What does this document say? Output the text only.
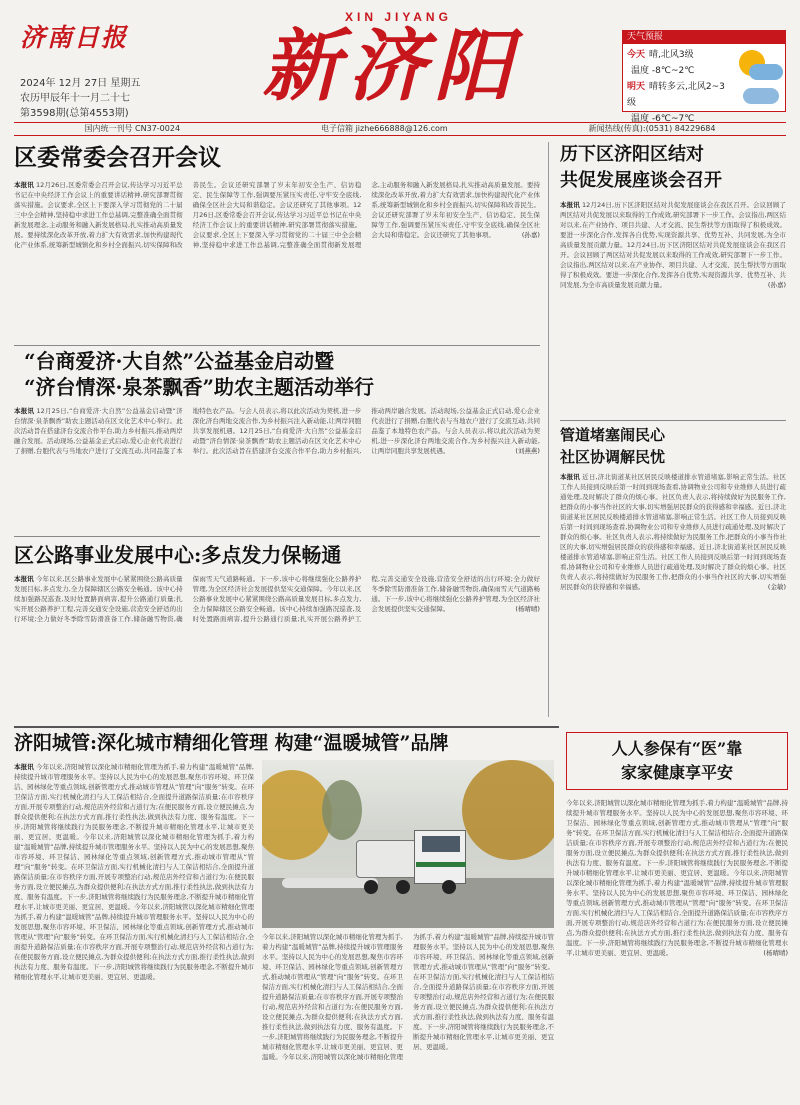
济南日报
XIN JIYANG
新济阳
2024年 12月 27日 星期五
农历甲辰年十一月二十七
第3598期(总第4553期)
天气预报
今天 晴,北风3级
温度 -8℃~2℃
明天 晴转多云,北风2~3级
温度 -6℃~7℃
国内统一刊号 CN37-0024	电子信箱 jizhe666888@126.com	新闻热线(传真):(0531) 84229684
区委常委会召开会议
本报讯 12月26日,区委常委会召开会议,传达学习习近平总书记在中央经济工作会议上的重要讲话精神,研究部署贯彻落实措施。会议要求,全区上下要深入学习贯彻党的二十届三中全会精神,坚持稳中求进工作总基调,完整准确全面贯彻新发展理念,主动服务和融入新发展格局,扎实推动高质量发展。要持续深化改革开放,着力扩大有效需求,加快构建现代化产业体系,统筹新型城镇化和乡村全面振兴,切实保障和改善民生。会议还研究部署了岁末年初安全生产、信访稳定、民生保障等工作,强调要压紧压实责任,守牢安全底线,确保全区社会大局和谐稳定。会议还研究了其他事项。12月26日,区委常委会召开会议,传达学习习近平总书记在中央经济工作会议上的重要讲话精神,研究部署贯彻落实措施。会议要求,全区上下要深入学习贯彻党的二十届三中全会精神,坚持稳中求进工作总基调,完整准确全面贯彻新发展理念,主动服务和融入新发展格局,扎实推动高质量发展。要持续深化改革开放,着力扩大有效需求,加快构建现代化产业体系,统筹新型城镇化和乡村全面振兴,切实保障和改善民生。会议还研究部署了岁末年初安全生产、信访稳定、民生保障等工作,强调要压紧压实责任,守牢安全底线,确保全区社会大局和谐稳定。会议还研究了其他事项。	(孙嘉)
“台商爱济·大自然”公益基金启动暨
“济台情深·泉茶飘香”助农主题活动举行
本报讯 12月25日,“台商爱济·大自然”公益基金启动暨“济台情深·泉茶飘香”助农主题活动在区文化艺术中心举行。此次活动旨在搭建济台交流合作平台,助力乡村振兴,推动两岸融合发展。活动现场,公益基金正式启动,爱心企业代表进行了捐赠,台胞代表与当地农户进行了交流互动,共同品鉴了本地特色农产品。与会人员表示,将以此次活动为契机,进一步深化济台两地交流合作,为乡村振兴注入新动能,让两岸同胞共享发展机遇。12月25日,“台商爱济·大自然”公益基金启动暨“济台情深·泉茶飘香”助农主题活动在区文化艺术中心举行。此次活动旨在搭建济台交流合作平台,助力乡村振兴,推动两岸融合发展。活动现场,公益基金正式启动,爱心企业代表进行了捐赠,台胞代表与当地农户进行了交流互动,共同品鉴了本地特色农产品。与会人员表示,将以此次活动为契机,进一步深化济台两地交流合作,为乡村振兴注入新动能,让两岸同胞共享发展机遇。	(刘燕燕)
区公路事业发展中心:多点发力保畅通
本报讯 今年以来,区公路事业发展中心紧紧围绕公路高质量发展目标,多点发力,全力保障辖区公路安全畅通。该中心持续加强路况巡查,及时处置路面病害,提升公路通行质量;扎实开展公路养护工程,完善交通安全设施,营造安全舒适的出行环境;全力做好冬季除雪防滑准备工作,储备融雪物资,确保雨雪天气道路畅通。下一步,该中心将继续强化公路养护管理,为全区经济社会发展提供坚实交通保障。今年以来,区公路事业发展中心紧紧围绕公路高质量发展目标,多点发力,全力保障辖区公路安全畅通。该中心持续加强路况巡查,及时处置路面病害,提升公路通行质量;扎实开展公路养护工程,完善交通安全设施,营造安全舒适的出行环境;全力做好冬季除雪防滑准备工作,储备融雪物资,确保雨雪天气道路畅通。下一步,该中心将继续强化公路养护管理,为全区经济社会发展提供坚实交通保障。	(杨晴晴)
历下区济阳区结对
共促发展座谈会召开
本报讯 12月24日,历下区济阳区结对共促发展座谈会在我区召开。会议回顾了两区结对共促发展以来取得的工作成效,研究部署下一步工作。会议指出,两区结对以来,在产业协作、项目共建、人才交流、民生帮扶等方面取得了积极成效。要进一步深化合作,发挥各自优势,实现资源共享、优势互补、共同发展,为全市高质量发展贡献力量。12月24日,历下区济阳区结对共促发展座谈会在我区召开。会议回顾了两区结对共促发展以来取得的工作成效,研究部署下一步工作。会议指出,两区结对以来,在产业协作、项目共建、人才交流、民生帮扶等方面取得了积极成效。要进一步深化合作,发挥各自优势,实现资源共享、优势互补、共同发展,为全市高质量发展贡献力量。	(孙嘉)
管道堵塞闹民心
社区协调解民忧
本报讯 近日,济北街道某社区居民反映楼道排水管道堵塞,影响正常生活。社区工作人员接到反映后第一时间到现场查看,协调物业公司和专业维修人员进行疏通处理,及时解决了群众的烦心事。社区负责人表示,将持续做好为民服务工作,把群众的小事当作社区的大事,切实增强居民群众的获得感和幸福感。近日,济北街道某社区居民反映楼道排水管道堵塞,影响正常生活。社区工作人员接到反映后第一时间到现场查看,协调物业公司和专业维修人员进行疏通处理,及时解决了群众的烦心事。社区负责人表示,将持续做好为民服务工作,把群众的小事当作社区的大事,切实增强居民群众的获得感和幸福感。近日,济北街道某社区居民反映楼道排水管道堵塞,影响正常生活。社区工作人员接到反映后第一时间到现场查看,协调物业公司和专业维修人员进行疏通处理,及时解决了群众的烦心事。社区负责人表示,将持续做好为民服务工作,把群众的小事当作社区的大事,切实增强居民群众的获得感和幸福感。	(金敏)
人人参保有“医”靠
家家健康享平安
济阳城管:深化城市精细化管理 构建“温暖城管”品牌
本报讯 今年以来,济阳城管以深化城市精细化管理为抓手,着力构建“温暖城管”品牌,持续提升城市管理服务水平。坚持以人民为中心的发展思想,聚焦市容环境、环卫保洁、园林绿化等重点领域,创新管理方式,推动城市管理从“管理”向“服务”转变。在环卫保洁方面,实行机械化清扫与人工保洁相结合,全面提升道路保洁质量;在市容秩序方面,开展专项整治行动,规范店外经营和占道行为;在便民服务方面,设立便民摊点,为群众提供便利;在执法方式方面,推行柔性执法,做到执法有力度、服务有温度。下一步,济阳城管将继续践行为民服务理念,不断提升城市精细化管理水平,让城市更美丽、更宜居、更温暖。今年以来,济阳城管以深化城市精细化管理为抓手,着力构建“温暖城管”品牌,持续提升城市管理服务水平。坚持以人民为中心的发展思想,聚焦市容环境、环卫保洁、园林绿化等重点领域,创新管理方式,推动城市管理从“管理”向“服务”转变。在环卫保洁方面,实行机械化清扫与人工保洁相结合,全面提升道路保洁质量;在市容秩序方面,开展专项整治行动,规范店外经营和占道行为;在便民服务方面,设立便民摊点,为群众提供便利;在执法方式方面,推行柔性执法,做到执法有力度、服务有温度。下一步,济阳城管将继续践行为民服务理念,不断提升城市精细化管理水平,让城市更美丽、更宜居、更温暖。今年以来,济阳城管以深化城市精细化管理为抓手,着力构建“温暖城管”品牌,持续提升城市管理服务水平。坚持以人民为中心的发展思想,聚焦市容环境、环卫保洁、园林绿化等重点领域,创新管理方式,推动城市管理从“管理”向“服务”转变。在环卫保洁方面,实行机械化清扫与人工保洁相结合,全面提升道路保洁质量;在市容秩序方面,开展专项整治行动,规范店外经营和占道行为;在便民服务方面,设立便民摊点,为群众提供便利;在执法方式方面,推行柔性执法,做到执法有力度、服务有温度。下一步,济阳城管将继续践行为民服务理念,不断提升城市精细化管理水平,让城市更美丽、更宜居、更温暖。
今年以来,济阳城管以深化城市精细化管理为抓手,着力构建“温暖城管”品牌,持续提升城市管理服务水平。坚持以人民为中心的发展思想,聚焦市容环境、环卫保洁、园林绿化等重点领域,创新管理方式,推动城市管理从“管理”向“服务”转变。在环卫保洁方面,实行机械化清扫与人工保洁相结合,全面提升道路保洁质量;在市容秩序方面,开展专项整治行动,规范店外经营和占道行为;在便民服务方面,设立便民摊点,为群众提供便利;在执法方式方面,推行柔性执法,做到执法有力度、服务有温度。下一步,济阳城管将继续践行为民服务理念,不断提升城市精细化管理水平,让城市更美丽、更宜居、更温暖。今年以来,济阳城管以深化城市精细化管理为抓手,着力构建“温暖城管”品牌,持续提升城市管理服务水平。坚持以人民为中心的发展思想,聚焦市容环境、环卫保洁、园林绿化等重点领域,创新管理方式,推动城市管理从“管理”向“服务”转变。在环卫保洁方面,实行机械化清扫与人工保洁相结合,全面提升道路保洁质量;在市容秩序方面,开展专项整治行动,规范店外经营和占道行为;在便民服务方面,设立便民摊点,为群众提供便利;在执法方式方面,推行柔性执法,做到执法有力度、服务有温度。下一步,济阳城管将继续践行为民服务理念,不断提升城市精细化管理水平,让城市更美丽、更宜居、更温暖。
今年以来,济阳城管以深化城市精细化管理为抓手,着力构建“温暖城管”品牌,持续提升城市管理服务水平。坚持以人民为中心的发展思想,聚焦市容环境、环卫保洁、园林绿化等重点领域,创新管理方式,推动城市管理从“管理”向“服务”转变。在环卫保洁方面,实行机械化清扫与人工保洁相结合,全面提升道路保洁质量;在市容秩序方面,开展专项整治行动,规范店外经营和占道行为;在便民服务方面,设立便民摊点,为群众提供便利;在执法方式方面,推行柔性执法,做到执法有力度、服务有温度。下一步,济阳城管将继续践行为民服务理念,不断提升城市精细化管理水平,让城市更美丽、更宜居、更温暖。今年以来,济阳城管以深化城市精细化管理为抓手,着力构建“温暖城管”品牌,持续提升城市管理服务水平。坚持以人民为中心的发展思想,聚焦市容环境、环卫保洁、园林绿化等重点领域,创新管理方式,推动城市管理从“管理”向“服务”转变。在环卫保洁方面,实行机械化清扫与人工保洁相结合,全面提升道路保洁质量;在市容秩序方面,开展专项整治行动,规范店外经营和占道行为;在便民服务方面,设立便民摊点,为群众提供便利;在执法方式方面,推行柔性执法,做到执法有力度、服务有温度。下一步,济阳城管将继续践行为民服务理念,不断提升城市精细化管理水平,让城市更美丽、更宜居、更温暖。	(杨晴晴)
